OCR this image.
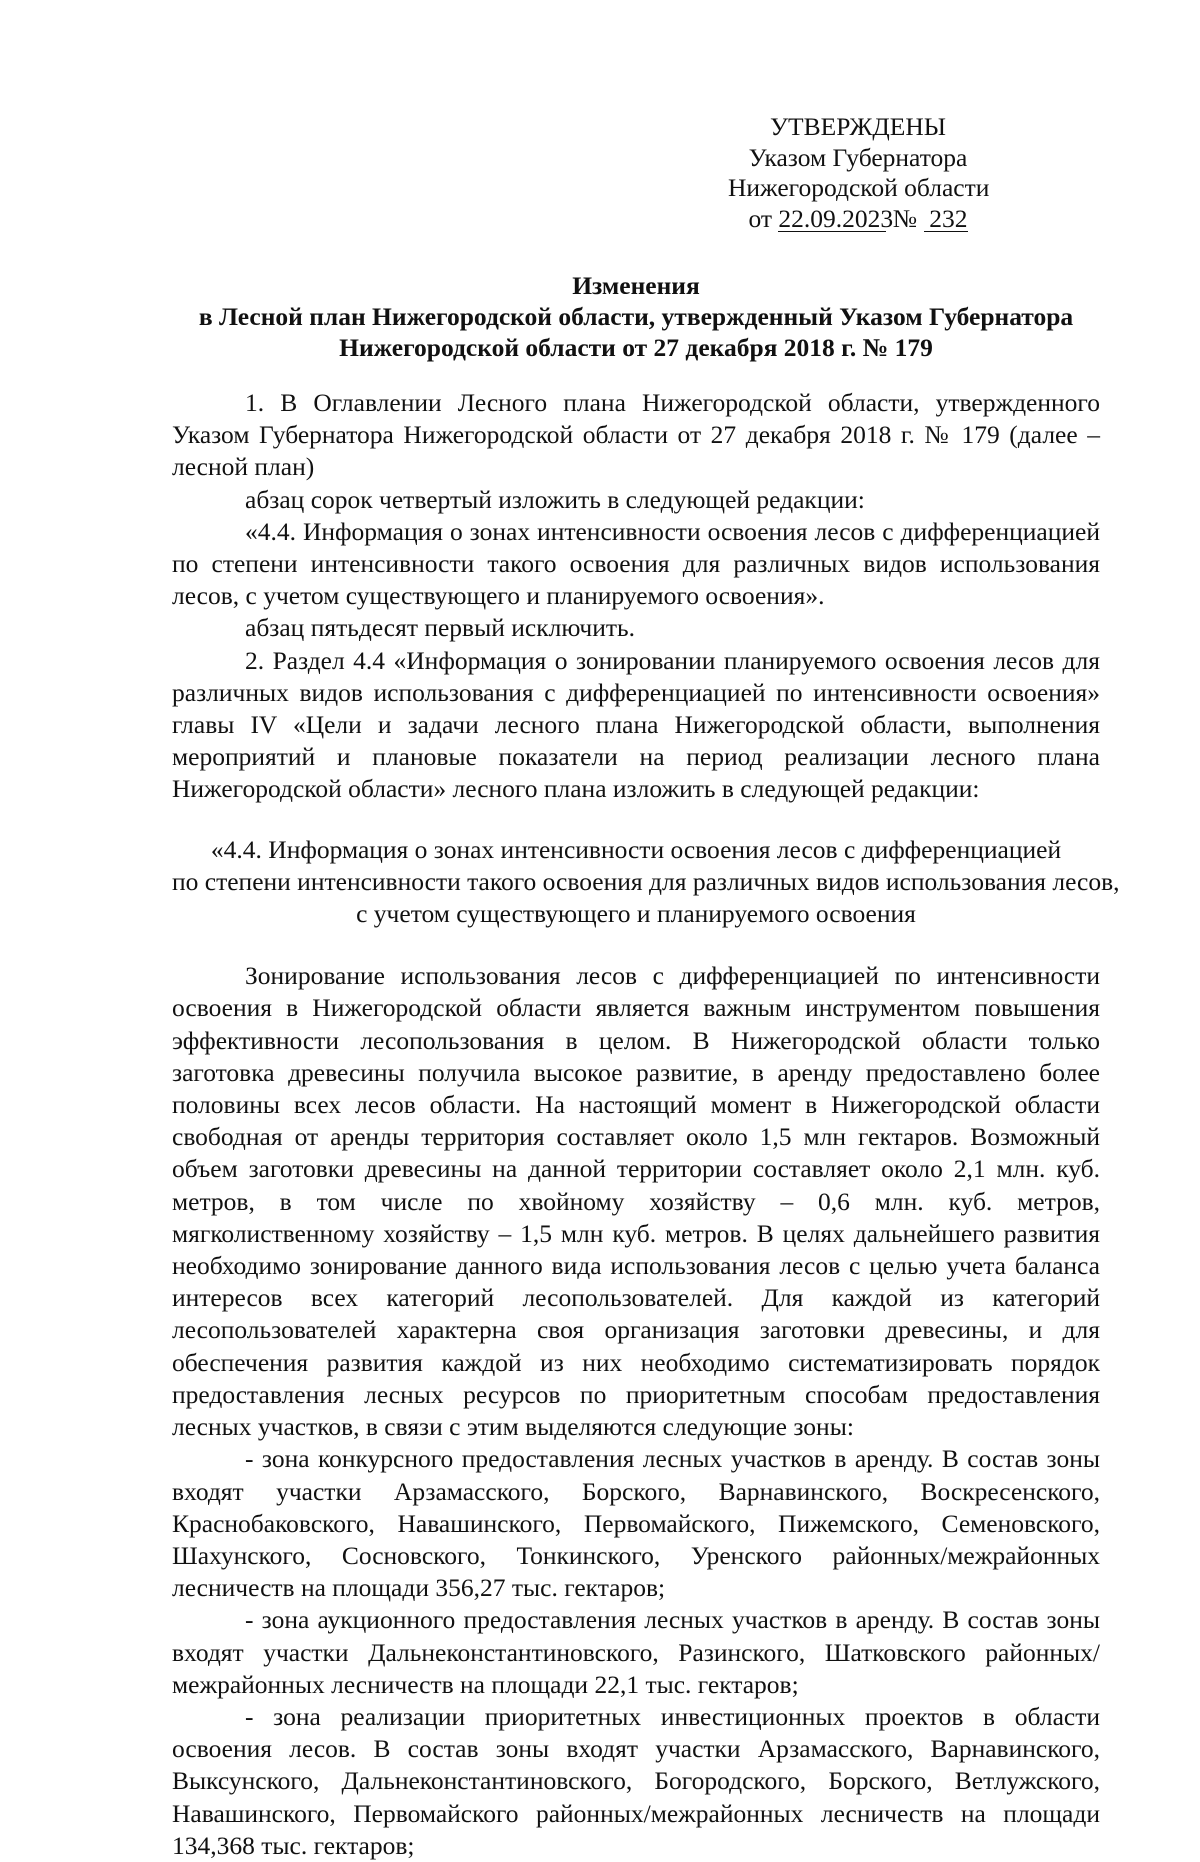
УТВЕРЖДЕНЫ
Указом Губернатора
Нижегородской области
от 22.09.2023 № 232
Изменения
в Лесной план Нижегородской области, утвержденный Указом Губернатора
Нижегородской области от 27 декабря 2018 г. № 179

1. В Оглавлении Лесного плана Нижегородской области, утвержденного Указом Губернатора Нижегородской области от 27 декабря 2018 г. № 179 (далее – лесной план)

абзац сорок четвертый изложить в следующей редакции:

«4.4. Информация о зонах интенсивности освоения лесов с дифференциацией по степени интенсивности такого освоения для различных видов использования лесов, с учетом существующего и планируемого освоения».

абзац пятьдесят первый исключить.

2. Раздел 4.4 «Информация о зонировании планируемого освоения лесов для различных видов использования с дифференциацией по интенсивности освоения» главы IV «Цели и задачи лесного плана Нижегородской области, выполнения мероприятий и плановые показатели на период реализации лесного плана Нижегородской области» лесного плана изложить в следующей редакции:

«4.4. Информация о зонах интенсивности освоения лесов с дифференциацией
по степени интенсивности такого освоения для различных видов использования лесов,
с учетом существующего и планируемого освоения

Зонирование использования лесов с дифференциацией по интенсивности освоения в Нижегородской области является важным инструментом повышения эффективности лесопользования в целом. В Нижегородской области только заготовка древесины получила высокое развитие, в аренду предоставлено более половины всех лесов области. На настоящий момент в Нижегородской области свободная от аренды территория составляет около 1,5 млн гектаров. Возможный объем заготовки древесины на данной территории составляет около 2,1 млн. куб. метров, в том числе по хвойному хозяйству – 0,6 млн. куб. метров, мягколиственному хозяйству – 1,5 млн куб. метров. В целях дальнейшего развития необходимо зонирование данного вида использования лесов с целью учета баланса интересов всех категорий лесопользователей. Для каждой из категорий лесопользователей характерна своя организация заготовки древесины, и для обеспечения развития каждой из них необходимо систематизировать порядок предоставления лесных ресурсов по приоритетным способам предоставления лесных участков, в связи с этим выделяются следующие зоны:

- зона конкурсного предоставления лесных участков в аренду. В состав зоны входят участки Арзамасского, Борского, Варнавинского, Воскресенского, Краснобаковского, Навашинского, Первомайского, Пижемского, Семеновского, Шахунского, Сосновского, Тонкинского, Уренского районных/межрайонных лесничеств на площади 356,27 тыс. гектаров;

- зона аукционного предоставления лесных участков в аренду. В состав зоны входят участки Дальнеконстантиновского, Разинского, Шатковского районных/межрайонных лесничеств на площади 22,1 тыс. гектаров;

- зона реализации приоритетных инвестиционных проектов в области освоения лесов. В состав зоны входят участки Арзамасского, Варнавинского, Выксунского, Дальнеконстантиновского, Богородского, Борского, Ветлужского, Навашинского, Первомайского районных/межрайонных лесничеств на площади 134,368 тыс. гектаров;
